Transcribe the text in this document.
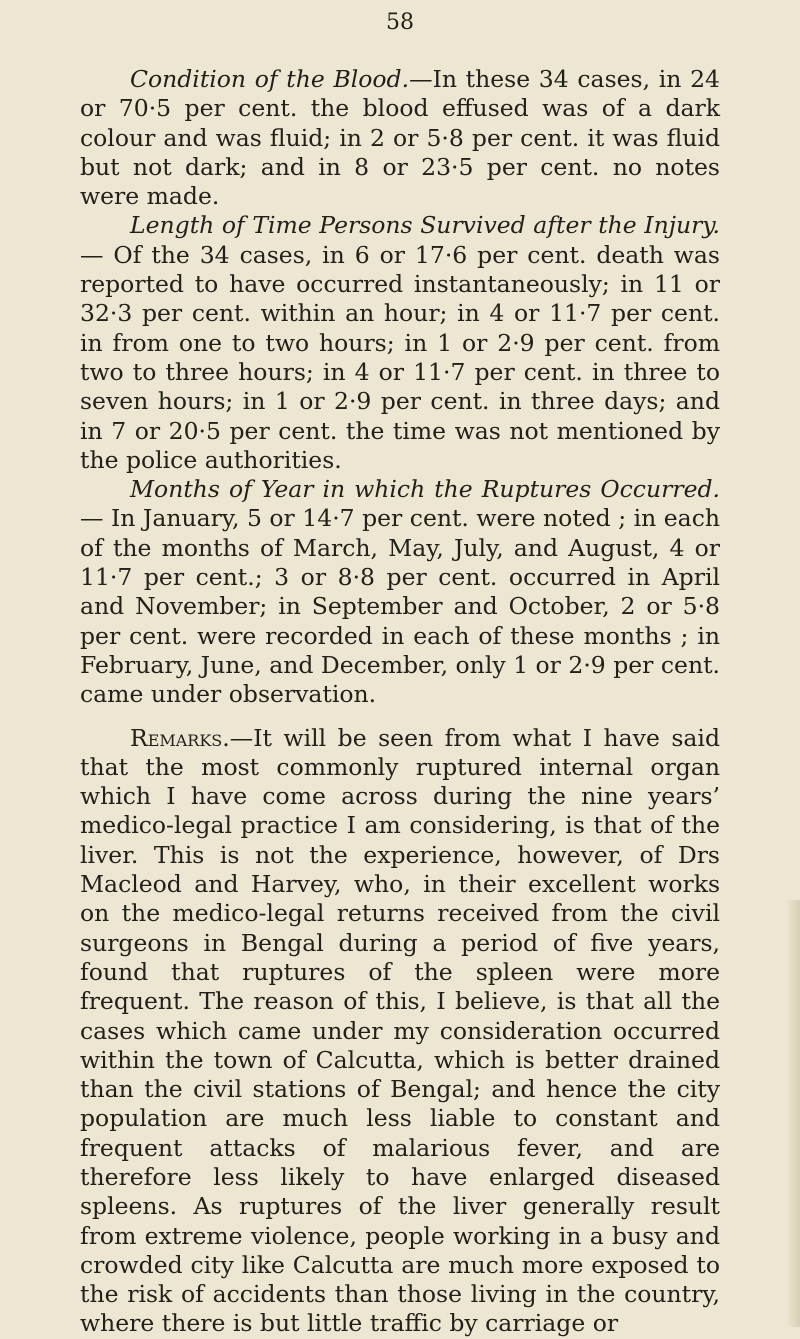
58

Condition of the Blood.—In these 34 cases, in 24 or 70·5 per cent. the blood effused was of a dark colour and was fluid; in 2 or 5·8 per cent. it was fluid but not dark; and in 8 or 23·5 per cent. no notes were made.

Length of Time Persons Survived after the Injury.— Of the 34 cases, in 6 or 17·6 per cent. death was reported to have occurred instantaneously; in 11 or 32·3 per cent. within an hour; in 4 or 11·7 per cent. in from one to two hours; in 1 or 2·9 per cent. from two to three hours; in 4 or 11·7 per cent. in three to seven hours; in 1 or 2·9 per cent. in three days; and in 7 or 20·5 per cent. the time was not mentioned by the police authorities.

Months of Year in which the Ruptures Occurred.— In January, 5 or 14·7 per cent. were noted ; in each of the months of March, May, July, and August, 4 or 11·7 per cent.; 3 or 8·8 per cent. occurred in April and November; in September and October, 2 or 5·8 per cent. were recorded in each of these months ; in February, June, and December, only 1 or 2·9 per cent. came under observation.

Remarks.—It will be seen from what I have said that the most commonly ruptured internal organ which I have come across during the nine years’ medico-legal practice I am considering, is that of the liver. This is not the experience, however, of Drs Macleod and Harvey, who, in their excellent works on the medico-legal returns received from the civil surgeons in Bengal during a period of five years, found that ruptures of the spleen were more frequent. The reason of this, I believe, is that all the cases which came under my consideration occurred within the town of Calcutta, which is better drained than the civil stations of Bengal; and hence the city population are much less liable to constant and frequent attacks of malarious fever, and are therefore less likely to have enlarged diseased spleens. As ruptures of the liver generally result from extreme violence, people working in a busy and crowded city like Calcutta are much more exposed to the risk of accidents than those living in the country, where there is but little traffic by carriage or
